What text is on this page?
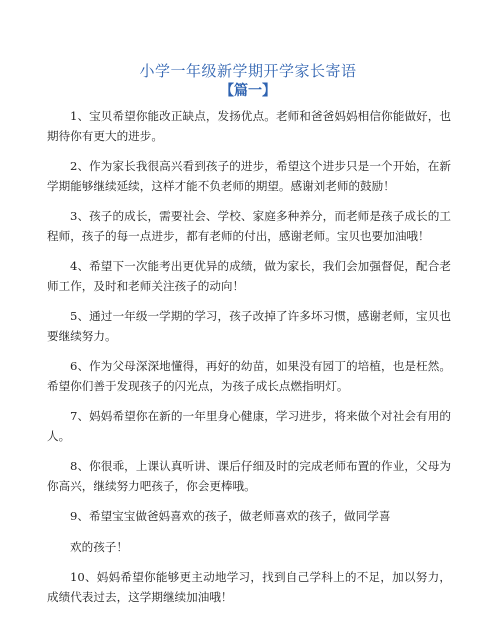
小学一年级新学期开学家长寄语
【篇一】

1、宝贝希望你能改正缺点，发扬优点。老师和爸爸妈妈相信你能做好，也期待你有更大的进步。

2、作为家长我很高兴看到孩子的进步，希望这个进步只是一个开始，在新学期能够继续延续，这样才能不负老师的期望。感谢刘老师的鼓励！

3、孩子的成长，需要社会、学校、家庭多种养分，而老师是孩子成长的工程师，孩子的每一点进步，都有老师的付出，感谢老师。宝贝也要加油哦！

4、希望下一次能考出更优异的成绩，做为家长，我们会加强督促，配合老师工作，及时和老师关注孩子的动向！

5、通过一年级一学期的学习，孩子改掉了许多坏习惯，感谢老师，宝贝也要继续努力。

6、作为父母深深地懂得，再好的幼苗，如果没有园丁的培植，也是枉然。希望你们善于发现孩子的闪光点，为孩子成长点燃指明灯。

7、妈妈希望你在新的一年里身心健康，学习进步，将来做个对社会有用的人。

8、你很乖，上课认真听讲、课后仔细及时的完成老师布置的作业，父母为你高兴，继续努力吧孩子，你会更棒哦。

9、希望宝宝做爸妈喜欢的孩子，做老师喜欢的孩子，做同学喜

欢的孩子！

10、妈妈希望你能够更主动地学习，找到自己学科上的不足，加以努力，成绩代表过去，这学期继续加油哦！
